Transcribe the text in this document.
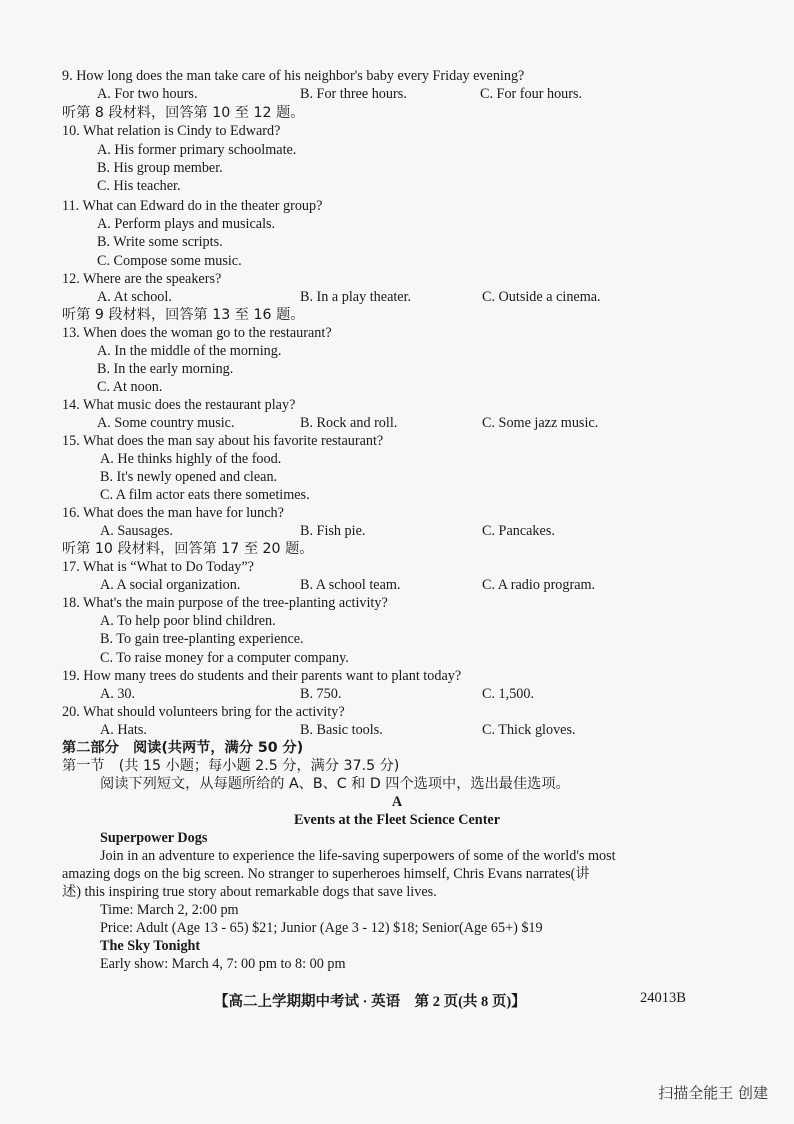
9. How long does the man take care of his neighbor's baby every Friday evening?
A. For two hours.	B. For three hours.	C. For four hours.
听第 8 段材料，回答第 10 至 12 题。
10. What relation is Cindy to Edward?
A. His former primary schoolmate.
B. His group member.
C. His teacher.
11. What can Edward do in the theater group?
A. Perform plays and musicals.
B. Write some scripts.
C. Compose some music.
12. Where are the speakers?
A. At school.	B. In a play theater.	C. Outside a cinema.
听第 9 段材料，回答第 13 至 16 题。
13. When does the woman go to the restaurant?
A. In the middle of the morning.
B. In the early morning.
C. At noon.
14. What music does the restaurant play?
A. Some country music.	B. Rock and roll.	C. Some jazz music.
15. What does the man say about his favorite restaurant?
A. He thinks highly of the food.
B. It's newly opened and clean.
C. A film actor eats there sometimes.
16. What does the man have for lunch?
A. Sausages.	B. Fish pie.	C. Pancakes.
听第 10 段材料，回答第 17 至 20 题。
17. What is “What to Do Today”?
A. A social organization.	B. A school team.	C. A radio program.
18. What's the main purpose of the tree-planting activity?
A. To help poor blind children.
B. To gain tree-planting experience.
C. To raise money for a computer company.
19. How many trees do students and their parents want to plant today?
A. 30.	B. 750.	C. 1,500.
20. What should volunteers bring for the activity?
A. Hats.	B. Basic tools.	C. Thick gloves.
第二部分　阅读(共两节，满分 50 分)
第一节　(共 15 小题；每小题 2.5 分，满分 37.5 分)
阅读下列短文，从每题所给的 A、B、C 和 D 四个选项中，选出最佳选项。
A
Events at the Fleet Science Center
Superpower Dogs
Join in an adventure to experience the life-saving superpowers of some of the world's most
amazing dogs on the big screen. No stranger to superheroes himself, Chris Evans narrates(讲
述) this inspiring true story about remarkable dogs that save lives.
Time: March 2, 2:00 pm
Price: Adult (Age 13 - 65) $21; Junior (Age 3 - 12) $18; Senior(Age 65+) $19
The Sky Tonight
Early show: March 4, 7: 00 pm to 8: 00 pm
【高二上学期期中考试 · 英语　第 2 页(共 8 页)】	24013B
扫描全能王 创建
